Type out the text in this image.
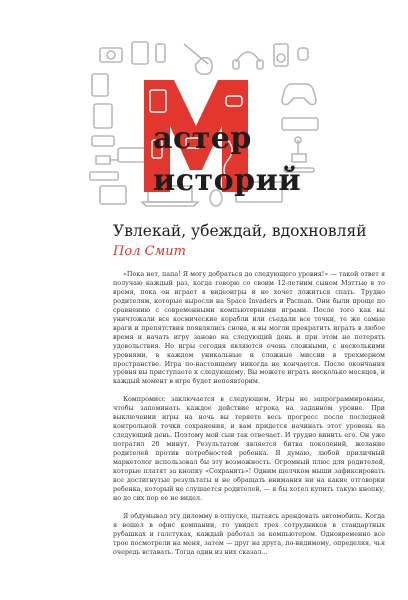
астер
историй
Увлекай, убеждай, вдохновляй
Пол Смит

«Пока нет, папа! Я могу добраться до следующего уровня!» — такой ответ я получаю каждый раз, когда говорю со своим 12-летним сыном Мэттью в то время, пока он играет в видеоигры и не хочет ложиться спать. Трудно родителям, которые выросли на Space Invaders и Pacman. Они были проще по сравнению с современными компьютерными играми. После того как вы уничтожали все космические корабли или съедали все точки, те же самые враги и препятствия появлялись снова, и вы могли прекратить играть в любое время и начать игру заново на следующий день и при этом не потерять удовольствия. Но игры сегодня являются очень сложными, с несколькими уровнями, в каждом уникальные и сложные миссии в трехмерном пространстве. Игра по-настоящему никогда не кончается. После окончания уровня вы приступаете к следующему. Вы можете играть несколько месяцев, и каждый момент в игре будет непоявторим.

Компромисс заключается в следующем. Игры не запрограммированы, чтобы запоминать каждое действие игрока на заданном уровне. При выключении игры на ночь вы теряете весь прогресс после последней контрольной точки сохранения, и вам придется начинать этот уровень на следующий день. Поэтому мой сын так отвечает. И трудно винить его. Он уже потратил 20 минут. Результатом является битва поколений, желание родителей против потребностей ребенка. Я думаю, любой приличный маркетолог использовал бы эту возможность. Огромный плюс для родителей, которые платят за кнопку «Сохранить»! Одним щелчком мыши зафиксировать все достигнутые результаты и не обращать внимания ни на какие отговорки ребенка, который не слушается родителей, — я бы хотел купить такую кнопку, но до сих пор ее не видел.

Я обдумывал эту дилемму в отпуске, пытаясь арендовать автомобиль. Когда я вошел в офис компании, то увидел трех сотрудников в стандартных рубашках и галстуках, каждый работал за компьютером. Одновременно все трое посмотрели на меня, затем — друг на друга, по-видимому, определяя, чья очередь вставать. Тогда один из них сказал...
